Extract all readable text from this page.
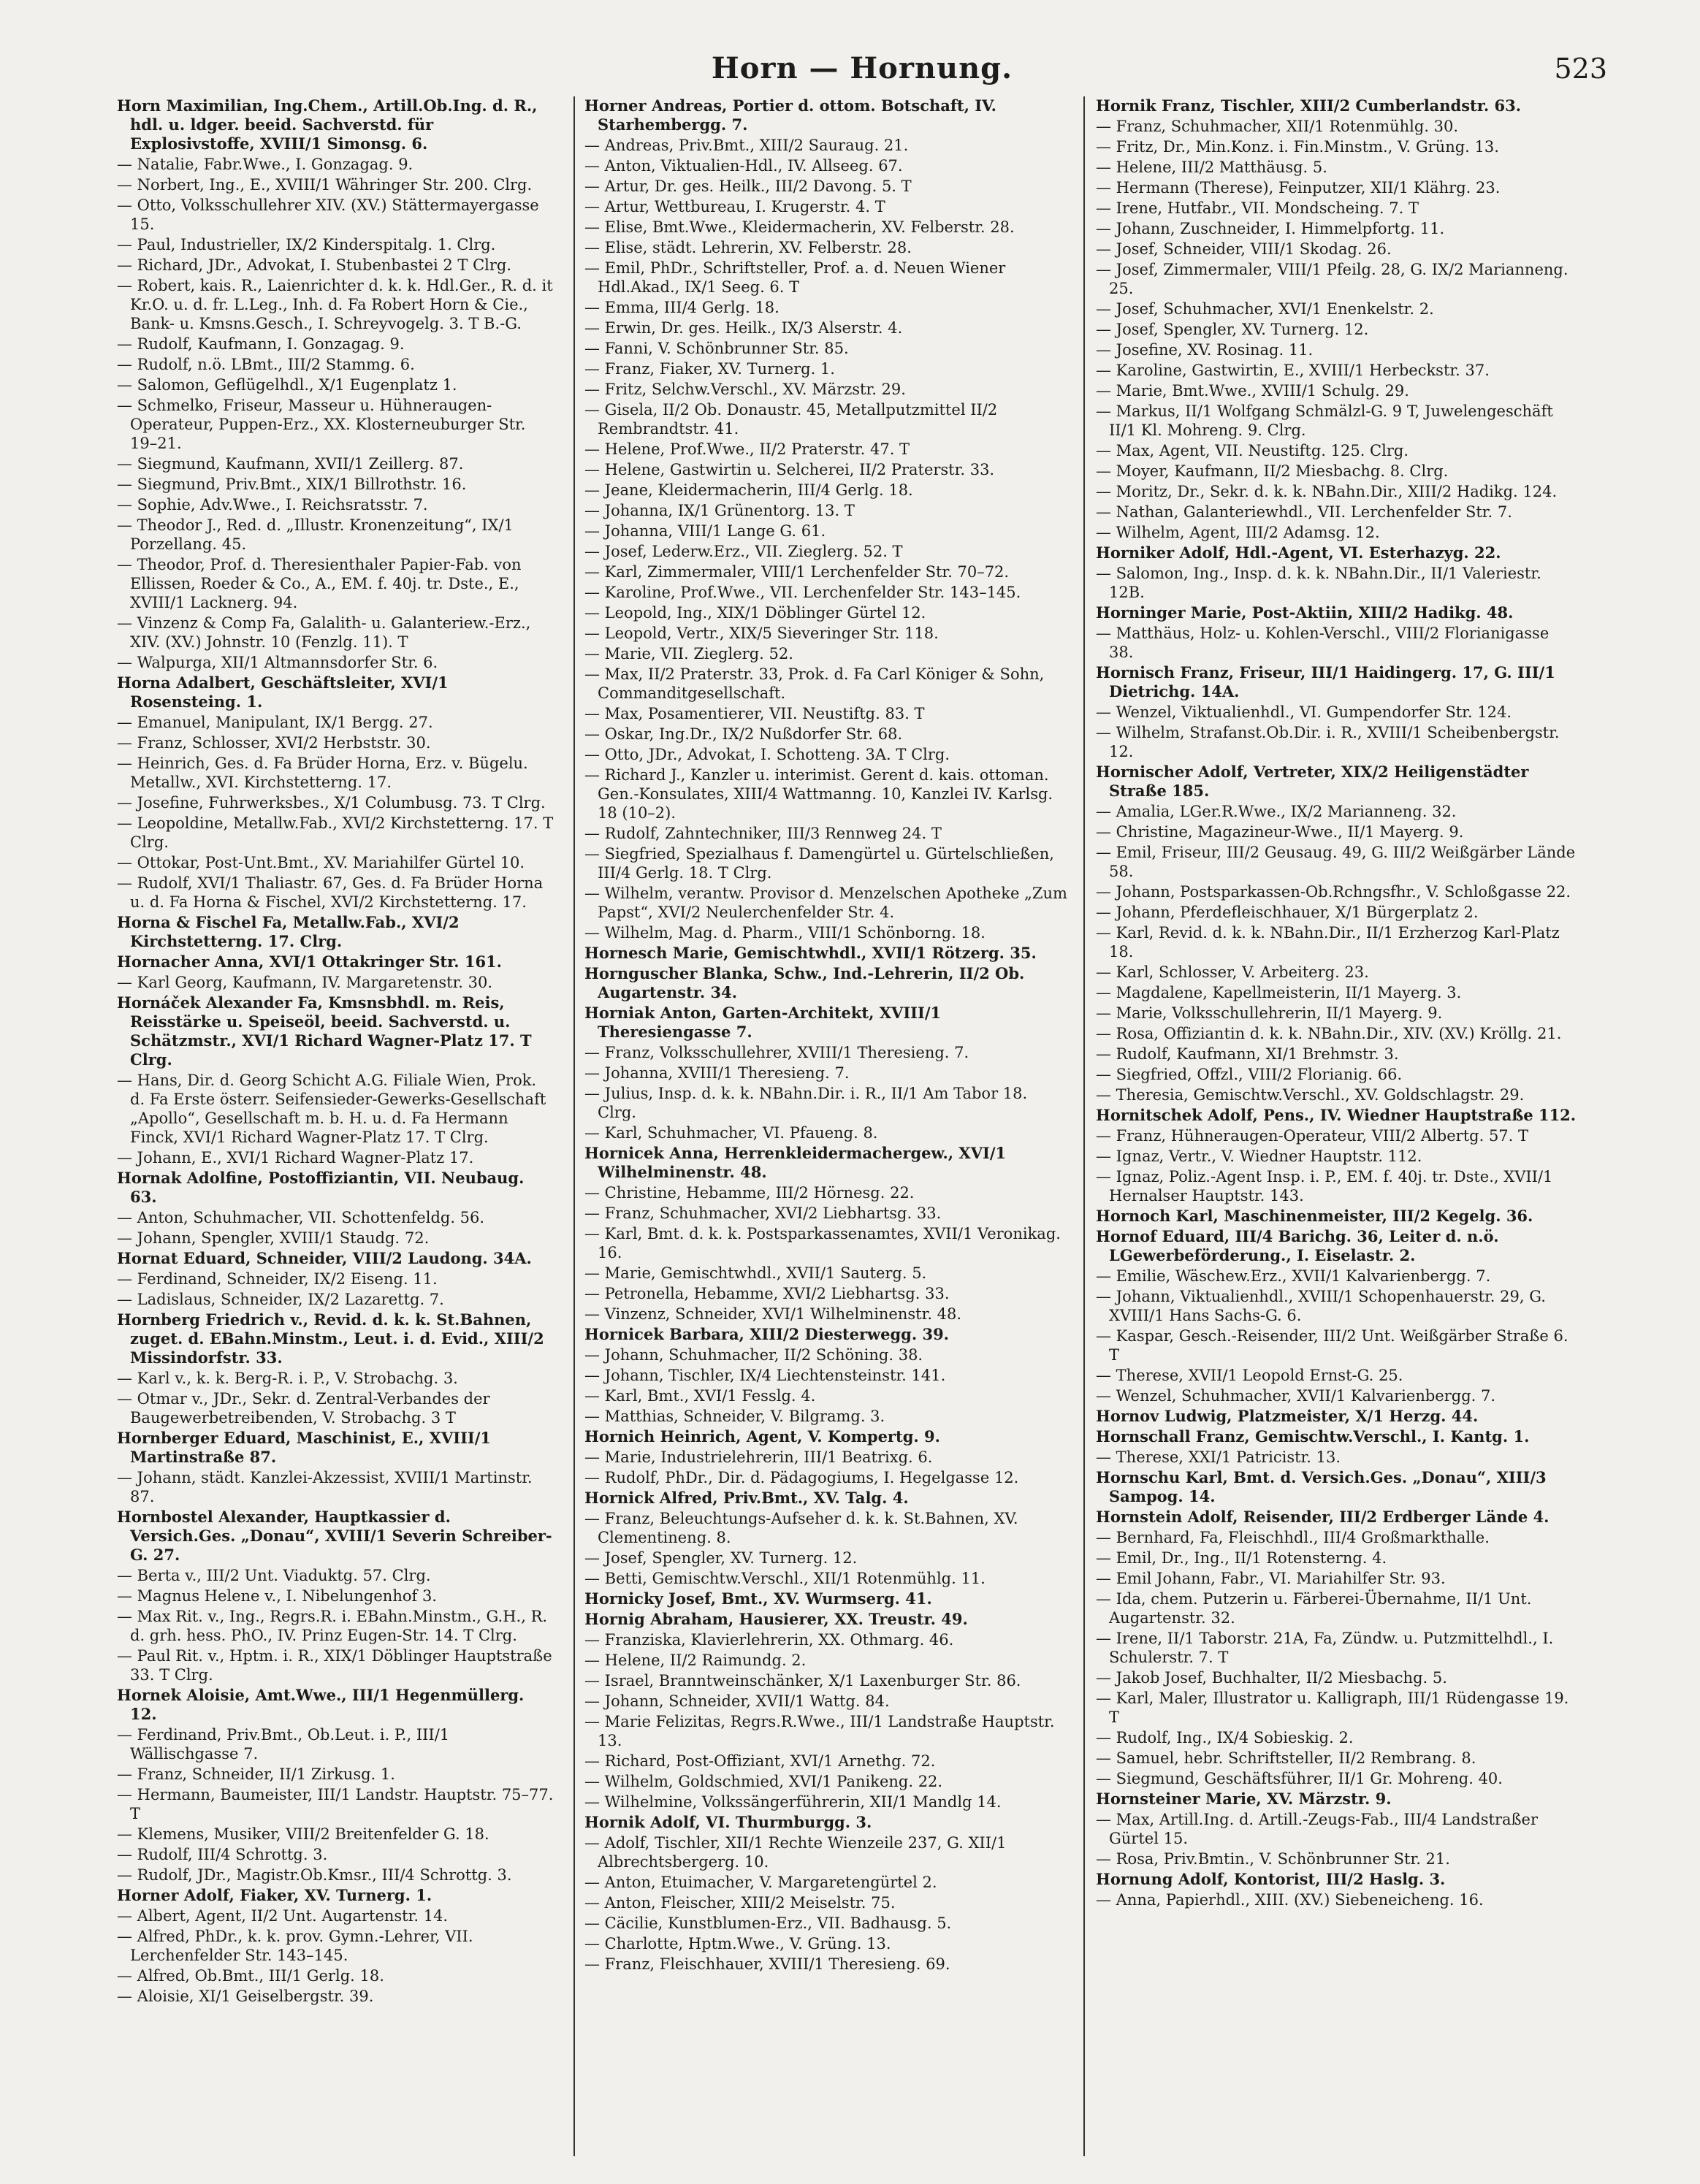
Horn — Hornung.	523
Horn Maximilian, Ing.Chem., Artill.Ob.Ing. d. R., hdl. u. ldger. beeid. Sachverstd. für Explosivstoffe, XVIII/1 Simonsg. 6.
— Natalie, Fabr.Wwe., I. Gonzagag. 9.
— Norbert, Ing., E., XVIII/1 Währinger Str. 200. Clrg.
— Otto, Volksschullehrer XIV. (XV.) Stättermayergasse 15.
— Paul, Industrieller, IX/2 Kinderspitalg. 1. Clrg.
— Richard, JDr., Advokat, I. Stubenbastei 2 T Clrg.
— Robert, kais. R., Laienrichter d. k. k. Hdl.Ger., R. d. it Kr.O. u. d. fr. L.Leg., Inh. d. Fa Robert Horn & Cie., Bank- u. Kmsns.Gesch., I. Schreyvogelg. 3. T B.-G.
— Rudolf, Kaufmann, I. Gonzagag. 9.
— Rudolf, n.ö. LBmt., III/2 Stammg. 6.
— Salomon, Geflügelhdl., X/1 Eugenplatz 1.
— Schmelko, Friseur, Masseur u. Hühneraugen-Operateur, Puppen-Erz., XX. Klosterneuburger Str. 19–21.
— Siegmund, Kaufmann, XVII/1 Zeillerg. 87.
— Siegmund, Priv.Bmt., XIX/1 Billrothstr. 16.
— Sophie, Adv.Wwe., I. Reichsratsstr. 7.
— Theodor J., Red. d. „Illustr. Kronenzeitung“, IX/1 Porzellang. 45.
— Theodor, Prof. d. Theresienthaler Papier-Fab. von Ellissen, Roeder & Co., A., EM. f. 40j. tr. Dste., E., XVIII/1 Lacknerg. 94.
— Vinzenz & Comp Fa, Galalith- u. Galanteriew.-Erz., XIV. (XV.) Johnstr. 10 (Fenzlg. 11). T
— Walpurga, XII/1 Altmannsdorfer Str. 6.
Horna Adalbert, Geschäftsleiter, XVI/1 Rosensteing. 1.
— Emanuel, Manipulant, IX/1 Bergg. 27.
— Franz, Schlosser, XVI/2 Herbststr. 30.
— Heinrich, Ges. d. Fa Brüder Horna, Erz. v. Bügelu. Metallw., XVI. Kirchstetterng. 17.
— Josefine, Fuhrwerksbes., X/1 Columbusg. 73. T Clrg.
— Leopoldine, Metallw.Fab., XVI/2 Kirchstetterng. 17. T Clrg.
— Ottokar, Post-Unt.Bmt., XV. Mariahilfer Gürtel 10.
— Rudolf, XVI/1 Thaliastr. 67, Ges. d. Fa Brüder Horna u. d. Fa Horna & Fischel, XVI/2 Kirchstetterng. 17.
Horna & Fischel Fa, Metallw.Fab., XVI/2 Kirchstetterng. 17. Clrg.
Hornacher Anna, XVI/1 Ottakringer Str. 161.
— Karl Georg, Kaufmann, IV. Margaretenstr. 30.
Hornáček Alexander Fa, Kmsnsbhdl. m. Reis, Reisstärke u. Speiseöl, beeid. Sachverstd. u. Schätzmstr., XVI/1 Richard Wagner-Platz 17. T Clrg.
— Hans, Dir. d. Georg Schicht A.G. Filiale Wien, Prok. d. Fa Erste österr. Seifensieder-Gewerks-Gesellschaft „Apollo“, Gesellschaft m. b. H. u. d. Fa Hermann Finck, XVI/1 Richard Wagner-Platz 17. T Clrg.
— Johann, E., XVI/1 Richard Wagner-Platz 17.
Hornak Adolfine, Postoffiziantin, VII. Neubaug. 63.
— Anton, Schuhmacher, VII. Schottenfeldg. 56.
— Johann, Spengler, XVIII/1 Staudg. 72.
Hornat Eduard, Schneider, VIII/2 Laudong. 34A.
— Ferdinand, Schneider, IX/2 Eiseng. 11.
— Ladislaus, Schneider, IX/2 Lazarettg. 7.
Hornberg Friedrich v., Revid. d. k. k. St.Bahnen, zuget. d. EBahn.Minstm., Leut. i. d. Evid., XIII/2 Missindorfstr. 33.
— Karl v., k. k. Berg-R. i. P., V. Strobachg. 3.
— Otmar v., JDr., Sekr. d. Zentral-Verbandes der Baugewerbetreibenden, V. Strobachg. 3 T
Hornberger Eduard, Maschinist, E., XVIII/1 Martinstraße 87.
— Johann, städt. Kanzlei-Akzessist, XVIII/1 Martinstr. 87.
Hornbostel Alexander, Hauptkassier d. Versich.Ges. „Donau“, XVIII/1 Severin Schreiber-G. 27.
— Berta v., III/2 Unt. Viaduktg. 57. Clrg.
— Magnus Helene v., I. Nibelungenhof 3.
— Max Rit. v., Ing., Regrs.R. i. EBahn.Minstm., G.H., R. d. grh. hess. PhO., IV. Prinz Eugen-Str. 14. T Clrg.
— Paul Rit. v., Hptm. i. R., XIX/1 Döblinger Hauptstraße 33. T Clrg.
Hornek Aloisie, Amt.Wwe., III/1 Hegenmüllerg. 12.
— Ferdinand, Priv.Bmt., Ob.Leut. i. P., III/1 Wällischgasse 7.
— Franz, Schneider, II/1 Zirkusg. 1.
— Hermann, Baumeister, III/1 Landstr. Hauptstr. 75–77. T
— Klemens, Musiker, VIII/2 Breitenfelder G. 18.
— Rudolf, III/4 Schrottg. 3.
— Rudolf, JDr., Magistr.Ob.Kmsr., III/4 Schrottg. 3.
Horner Adolf, Fiaker, XV. Turnerg. 1.
— Albert, Agent, II/2 Unt. Augartenstr. 14.
— Alfred, PhDr., k. k. prov. Gymn.-Lehrer, VII. Lerchenfelder Str. 143–145.
— Alfred, Ob.Bmt., III/1 Gerlg. 18.
— Aloisie, XI/1 Geiselbergstr. 39.
Horner Andreas, Portier d. ottom. Botschaft, IV. Starhembergg. 7.
— Andreas, Priv.Bmt., XIII/2 Sauraug. 21.
— Anton, Viktualien-Hdl., IV. Allseeg. 67.
— Artur, Dr. ges. Heilk., III/2 Davong. 5. T
— Artur, Wettbureau, I. Krugerstr. 4. T
— Elise, Bmt.Wwe., Kleidermacherin, XV. Felberstr. 28.
— Elise, städt. Lehrerin, XV. Felberstr. 28.
— Emil, PhDr., Schriftsteller, Prof. a. d. Neuen Wiener Hdl.Akad., IX/1 Seeg. 6. T
— Emma, III/4 Gerlg. 18.
— Erwin, Dr. ges. Heilk., IX/3 Alserstr. 4.
— Fanni, V. Schönbrunner Str. 85.
— Franz, Fiaker, XV. Turnerg. 1.
— Fritz, Selchw.Verschl., XV. Märzstr. 29.
— Gisela, II/2 Ob. Donaustr. 45, Metallputzmittel II/2 Rembrandtstr. 41.
— Helene, Prof.Wwe., II/2 Praterstr. 47. T
— Helene, Gastwirtin u. Selcherei, II/2 Praterstr. 33.
— Jeane, Kleidermacherin, III/4 Gerlg. 18.
— Johanna, IX/1 Grünentorg. 13. T
— Johanna, VIII/1 Lange G. 61.
— Josef, Lederw.Erz., VII. Zieglerg. 52. T
— Karl, Zimmermaler, VIII/1 Lerchenfelder Str. 70–72.
— Karoline, Prof.Wwe., VII. Lerchenfelder Str. 143–145.
— Leopold, Ing., XIX/1 Döblinger Gürtel 12.
— Leopold, Vertr., XIX/5 Sieveringer Str. 118.
— Marie, VII. Zieglerg. 52.
— Max, II/2 Praterstr. 33, Prok. d. Fa Carl Königer & Sohn, Commanditgesellschaft.
— Max, Posamentierer, VII. Neustiftg. 83. T
— Oskar, Ing.Dr., IX/2 Nußdorfer Str. 68.
— Otto, JDr., Advokat, I. Schotteng. 3A. T Clrg.
— Richard J., Kanzler u. interimist. Gerent d. kais. ottoman. Gen.-Konsulates, XIII/4 Wattmanng. 10, Kanzlei IV. Karlsg. 18 (10–2).
— Rudolf, Zahntechniker, III/3 Rennweg 24. T
— Siegfried, Spezialhaus f. Damengürtel u. Gürtelschließen, III/4 Gerlg. 18. T Clrg.
— Wilhelm, verantw. Provisor d. Menzelschen Apotheke „Zum Papst“, XVI/2 Neulerchenfelder Str. 4.
— Wilhelm, Mag. d. Pharm., VIII/1 Schönborng. 18.
Hornesch Marie, Gemischtwhdl., XVII/1 Rötzerg. 35.
Hornguscher Blanka, Schw., Ind.-Lehrerin, II/2 Ob. Augartenstr. 34.
Horniak Anton, Garten-Architekt, XVIII/1 Theresiengasse 7.
— Franz, Volksschullehrer, XVIII/1 Theresieng. 7.
— Johanna, XVIII/1 Theresieng. 7.
— Julius, Insp. d. k. k. NBahn.Dir. i. R., II/1 Am Tabor 18. Clrg.
— Karl, Schuhmacher, VI. Pfaueng. 8.
Hornicek Anna, Herrenkleidermachergew., XVI/1 Wilhelminenstr. 48.
— Christine, Hebamme, III/2 Hörnesg. 22.
— Franz, Schuhmacher, XVI/2 Liebhartsg. 33.
— Karl, Bmt. d. k. k. Postsparkassenamtes, XVII/1 Veronikag. 16.
— Marie, Gemischtwhdl., XVII/1 Sauterg. 5.
— Petronella, Hebamme, XVI/2 Liebhartsg. 33.
— Vinzenz, Schneider, XVI/1 Wilhelminenstr. 48.
Hornicek Barbara, XIII/2 Diesterwegg. 39.
— Johann, Schuhmacher, II/2 Schöning. 38.
— Johann, Tischler, IX/4 Liechtensteinstr. 141.
— Karl, Bmt., XVI/1 Fesslg. 4.
— Matthias, Schneider, V. Bilgramg. 3.
Hornich Heinrich, Agent, V. Kompertg. 9.
— Marie, Industrielehrerin, III/1 Beatrixg. 6.
— Rudolf, PhDr., Dir. d. Pädagogiums, I. Hegelgasse 12.
Hornick Alfred, Priv.Bmt., XV. Talg. 4.
— Franz, Beleuchtungs-Aufseher d. k. k. St.Bahnen, XV. Clementineng. 8.
— Josef, Spengler, XV. Turnerg. 12.
— Betti, Gemischtw.Verschl., XII/1 Rotenmühlg. 11.
Hornicky Josef, Bmt., XV. Wurmserg. 41.
Hornig Abraham, Hausierer, XX. Treustr. 49.
— Franziska, Klavierlehrerin, XX. Othmarg. 46.
— Helene, II/2 Raimundg. 2.
— Israel, Branntweinschänker, X/1 Laxenburger Str. 86.
— Johann, Schneider, XVII/1 Wattg. 84.
— Marie Felizitas, Regrs.R.Wwe., III/1 Landstraße Hauptstr. 13.
— Richard, Post-Offiziant, XVI/1 Arnethg. 72.
— Wilhelm, Goldschmied, XVI/1 Panikeng. 22.
— Wilhelmine, Volkssängerführerin, XII/1 Mandlg 14.
Hornik Adolf, VI. Thurmburgg. 3.
— Adolf, Tischler, XII/1 Rechte Wienzeile 237, G. XII/1 Albrechtsbergerg. 10.
— Anton, Etuimacher, V. Margaretengürtel 2.
— Anton, Fleischer, XIII/2 Meiselstr. 75.
— Cäcilie, Kunstblumen-Erz., VII. Badhausg. 5.
— Charlotte, Hptm.Wwe., V. Grüng. 13.
— Franz, Fleischhauer, XVIII/1 Theresieng. 69.
Hornik Franz, Tischler, XIII/2 Cumberlandstr. 63.
— Franz, Schuhmacher, XII/1 Rotenmühlg. 30.
— Fritz, Dr., Min.Konz. i. Fin.Minstm., V. Grüng. 13.
— Helene, III/2 Matthäusg. 5.
— Hermann (Therese), Feinputzer, XII/1 Klährg. 23.
— Irene, Hutfabr., VII. Mondscheing. 7. T
— Johann, Zuschneider, I. Himmelpfortg. 11.
— Josef, Schneider, VIII/1 Skodag. 26.
— Josef, Zimmermaler, VIII/1 Pfeilg. 28, G. IX/2 Marianneng. 25.
— Josef, Schuhmacher, XVI/1 Enenkelstr. 2.
— Josef, Spengler, XV. Turnerg. 12.
— Josefine, XV. Rosinag. 11.
— Karoline, Gastwirtin, E., XVIII/1 Herbeckstr. 37.
— Marie, Bmt.Wwe., XVIII/1 Schulg. 29.
— Markus, II/1 Wolfgang Schmälzl-G. 9 T, Juwelengeschäft II/1 Kl. Mohreng. 9. Clrg.
— Max, Agent, VII. Neustiftg. 125. Clrg.
— Moyer, Kaufmann, II/2 Miesbachg. 8. Clrg.
— Moritz, Dr., Sekr. d. k. k. NBahn.Dir., XIII/2 Hadikg. 124.
— Nathan, Galanteriewhdl., VII. Lerchenfelder Str. 7.
— Wilhelm, Agent, III/2 Adamsg. 12.
Horniker Adolf, Hdl.-Agent, VI. Esterhazyg. 22.
— Salomon, Ing., Insp. d. k. k. NBahn.Dir., II/1 Valeriestr. 12B.
Horninger Marie, Post-Aktiin, XIII/2 Hadikg. 48.
— Matthäus, Holz- u. Kohlen-Verschl., VIII/2 Florianigasse 38.
Hornisch Franz, Friseur, III/1 Haidingerg. 17, G. III/1 Dietrichg. 14A.
— Wenzel, Viktualienhdl., VI. Gumpendorfer Str. 124.
— Wilhelm, Strafanst.Ob.Dir. i. R., XVIII/1 Scheibenbergstr. 12.
Hornischer Adolf, Vertreter, XIX/2 Heiligenstädter Straße 185.
— Amalia, LGer.R.Wwe., IX/2 Marianneng. 32.
— Christine, Magazineur-Wwe., II/1 Mayerg. 9.
— Emil, Friseur, III/2 Geusaug. 49, G. III/2 Weißgärber Lände 58.
— Johann, Postsparkassen-Ob.Rchngsfhr., V. Schloßgasse 22.
— Johann, Pferdefleischhauer, X/1 Bürgerplatz 2.
— Karl, Revid. d. k. k. NBahn.Dir., II/1 Erzherzog Karl-Platz 18.
— Karl, Schlosser, V. Arbeiterg. 23.
— Magdalene, Kapellmeisterin, II/1 Mayerg. 3.
— Marie, Volksschullehrerin, II/1 Mayerg. 9.
— Rosa, Offiziantin d. k. k. NBahn.Dir., XIV. (XV.) Kröllg. 21.
— Rudolf, Kaufmann, XI/1 Brehmstr. 3.
— Siegfried, Offzl., VIII/2 Florianig. 66.
— Theresia, Gemischtw.Verschl., XV. Goldschlagstr. 29.
Hornitschek Adolf, Pens., IV. Wiedner Hauptstraße 112.
— Franz, Hühneraugen-Operateur, VIII/2 Albertg. 57. T
— Ignaz, Vertr., V. Wiedner Hauptstr. 112.
— Ignaz, Poliz.-Agent Insp. i. P., EM. f. 40j. tr. Dste., XVII/1 Hernalser Hauptstr. 143.
Hornoch Karl, Maschinenmeister, III/2 Kegelg. 36.
Hornof Eduard, III/4 Barichg. 36, Leiter d. n.ö. LGewerbeförderung., I. Eiselastr. 2.
— Emilie, Wäschew.Erz., XVII/1 Kalvarienbergg. 7.
— Johann, Viktualienhdl., XVIII/1 Schopenhauerstr. 29, G. XVIII/1 Hans Sachs-G. 6.
— Kaspar, Gesch.-Reisender, III/2 Unt. Weißgärber Straße 6. T
— Therese, XVII/1 Leopold Ernst-G. 25.
— Wenzel, Schuhmacher, XVII/1 Kalvarienbergg. 7.
Hornov Ludwig, Platzmeister, X/1 Herzg. 44.
Hornschall Franz, Gemischtw.Verschl., I. Kantg. 1.
— Therese, XXI/1 Patricistr. 13.
Hornschu Karl, Bmt. d. Versich.Ges. „Donau“, XIII/3 Sampog. 14.
Hornstein Adolf, Reisender, III/2 Erdberger Lände 4.
— Bernhard, Fa, Fleischhdl., III/4 Großmarkthalle.
— Emil, Dr., Ing., II/1 Rotensterng. 4.
— Emil Johann, Fabr., VI. Mariahilfer Str. 93.
— Ida, chem. Putzerin u. Färberei-Übernahme, II/1 Unt. Augartenstr. 32.
— Irene, II/1 Taborstr. 21A, Fa, Zündw. u. Putzmittelhdl., I. Schulerstr. 7. T
— Jakob Josef, Buchhalter, II/2 Miesbachg. 5.
— Karl, Maler, Illustrator u. Kalligraph, III/1 Rüdengasse 19. T
— Rudolf, Ing., IX/4 Sobieskig. 2.
— Samuel, hebr. Schriftsteller, II/2 Rembrang. 8.
— Siegmund, Geschäftsführer, II/1 Gr. Mohreng. 40.
Hornsteiner Marie, XV. Märzstr. 9.
— Max, Artill.Ing. d. Artill.-Zeugs-Fab., III/4 Landstraßer Gürtel 15.
— Rosa, Priv.Bmtin., V. Schönbrunner Str. 21.
Hornung Adolf, Kontorist, III/2 Haslg. 3.
— Anna, Papierhdl., XIII. (XV.) Siebeneicheng. 16.
